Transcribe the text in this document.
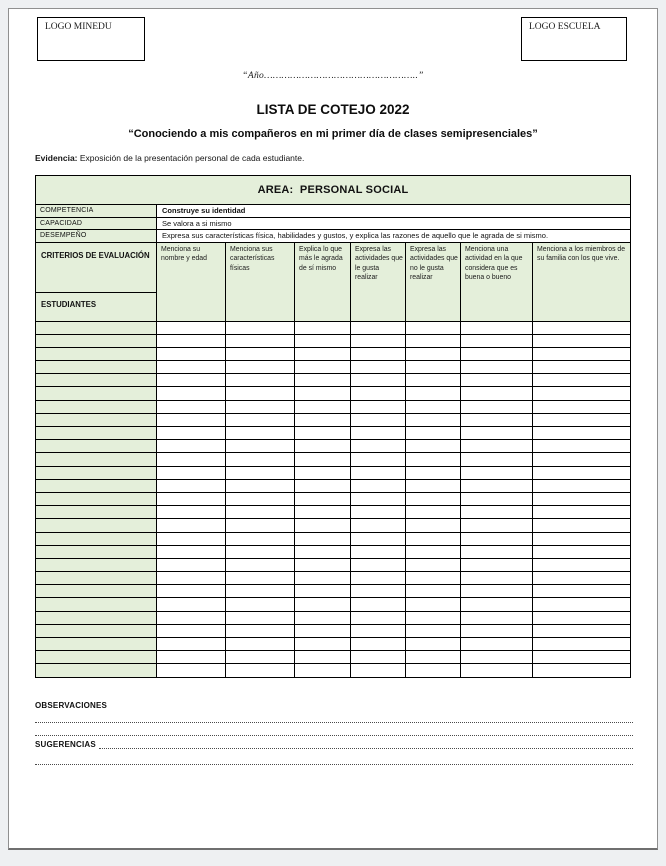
LOGO MINEDU	LOGO ESCUELA
“Año……………………………………………..”
LISTA DE COTEJO 2022
“Conociendo a mis compañeros en mi primer día de clases semipresenciales”
Evidencia: Exposición de la presentación personal de cada estudiante.
AREA:  PERSONAL SOCIAL							
COMPETENCIA	Construye su identidad						
CAPACIDAD	Se valora a si mismo						
DESEMPEÑO	Expresa sus características física, habilidades y gustos, y explica las razones de aquello que le agrada de si mismo.						

CRITERIOS DE EVALUACIÓN
ESTUDIANTES	Menciona su nombre y edad	Menciona sus características físicas	Explica lo que más le agrada de sí mismo	Expresa las actividades que le gusta realizar	Expresa las actividades que no le gusta realizar	Menciona una actividad en la que considera que es buena o bueno	Menciona a los miembros de su familia con los que vive.

OBSERVACIONES
SUGERENCIAS
